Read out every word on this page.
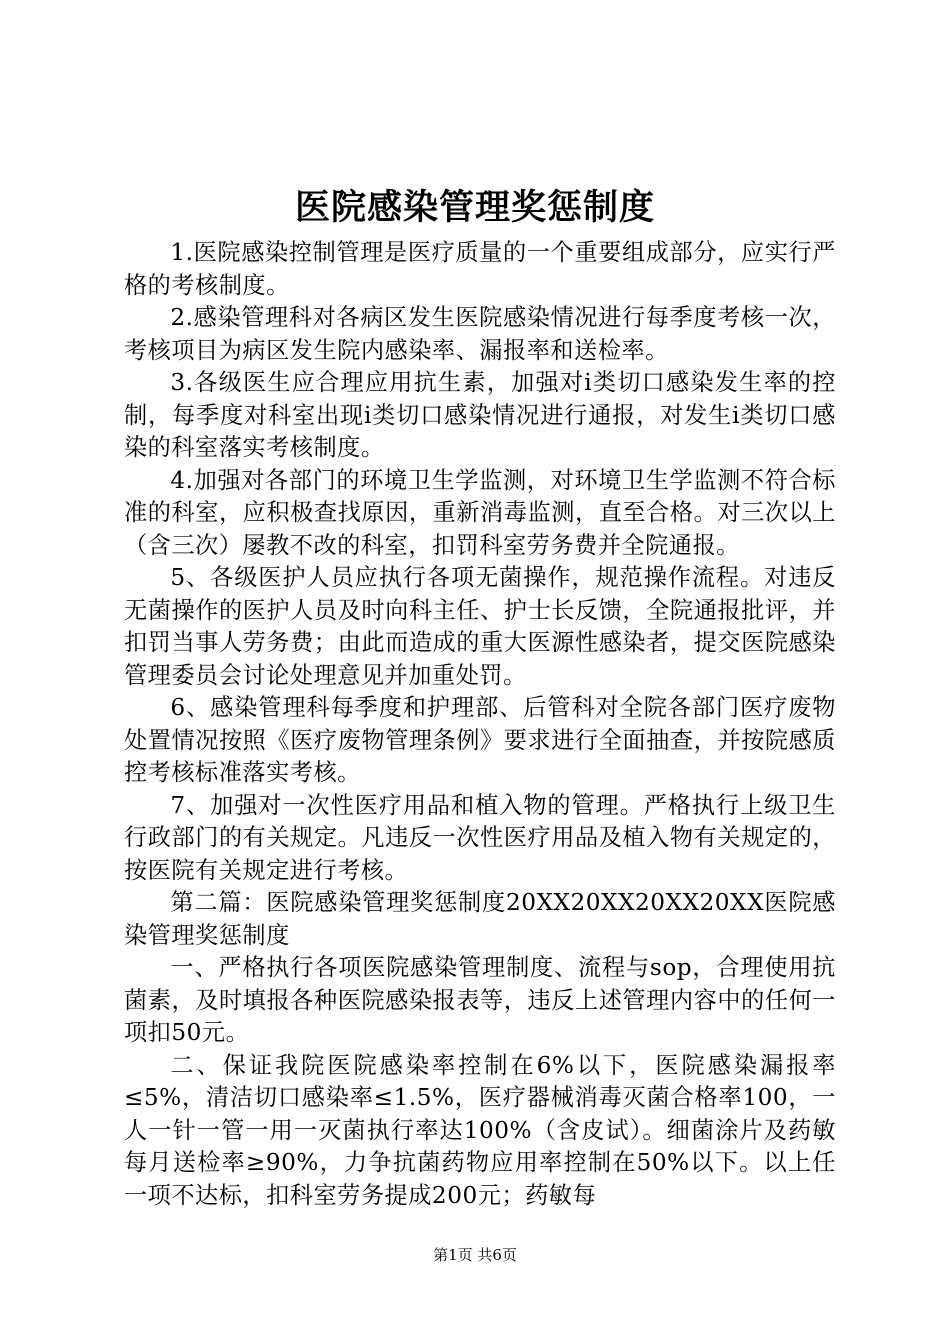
医院感染管理奖惩制度

1.医院感染控制管理是医疗质量的一个重要组成部分，应实行严格的考核制度。

2.感染管理科对各病区发生医院感染情况进行每季度考核一次，考核项目为病区发生院内感染率、漏报率和送检率。

3.各级医生应合理应用抗生素，加强对ⅰ类切口感染发生率的控制，每季度对科室出现ⅰ类切口感染情况进行通报，对发生ⅰ类切口感染的科室落实考核制度。

4.加强对各部门的环境卫生学监测，对环境卫生学监测不符合标准的科室，应积极查找原因，重新消毒监测，直至合格。对三次以上（含三次）屡教不改的科室，扣罚科室劳务费并全院通报。

5、各级医护人员应执行各项无菌操作，规范操作流程。对违反无菌操作的医护人员及时向科主任、护士长反馈，全院通报批评，并扣罚当事人劳务费；由此而造成的重大医源性感染者，提交医院感染管理委员会讨论处理意见并加重处罚。

6、感染管理科每季度和护理部、后管科对全院各部门医疗废物处置情况按照《医疗废物管理条例》要求进行全面抽查，并按院感质控考核标准落实考核。

7、加强对一次性医疗用品和植入物的管理。严格执行上级卫生行政部门的有关规定。凡违反一次性医疗用品及植入物有关规定的，按医院有关规定进行考核。

第二篇：医院感染管理奖惩制度20XX20XX20XX20XX医院感染管理奖惩制度

一、严格执行各项医院感染管理制度、流程与sop，合理使用抗菌素，及时填报各种医院感染报表等，违反上述管理内容中的任何一项扣50元。

二、保证我院医院感染率控制在6%以下，医院感染漏报率≤5%，清洁切口感染率≤1.5%，医疗器械消毒灭菌合格率100，一人一针一管一用一灭菌执行率达100%（含皮试）。细菌涂片及药敏每月送检率≥90%，力争抗菌药物应用率控制在50%以下。以上任一项不达标，扣科室劳务提成200元；药敏每

第1页 共6页
